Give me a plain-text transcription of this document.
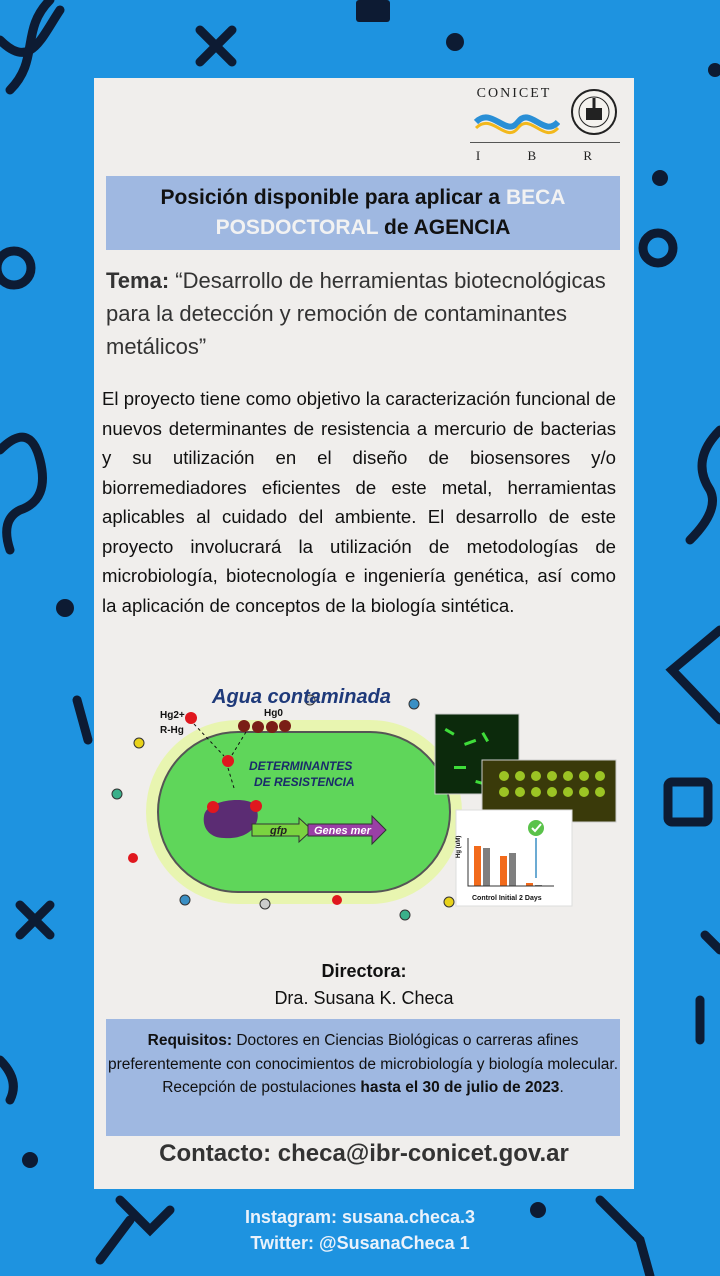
CONICET
I B R
Posición disponible para aplicar a BECA
POSDOCTORAL de AGENCIA
Tema: “Desarrollo de herramientas biotecnológicas para la detección y remoción de contaminantes metálicos”
El proyecto tiene como objetivo la caracterización funcional de nuevos determinantes de resistencia a mercurio de bacterias y su utilización en el diseño de biosensores y/o biorremediadores eficientes de este metal, herramientas aplicables al cuidado del ambiente. El desarrollo de este proyecto involucrará la utilización de metodologías de microbiología, biotecnología e ingeniería genética, así como la aplicación de conceptos de la biología sintética.
gfp Genes mer
DETERMINANTES
DE RESISTENCIA
Hg2+
R-Hg
Hg0
Hg (uM)
Control Initial 2 Days
Agua contaminada
Directora:
Dra. Susana K. Checa
Requisitos: Doctores en Ciencias Biológicas o carreras afines preferentemente con conocimientos de microbiología y biología molecular.
Recepción de postulaciones hasta el 30 de julio de 2023.
Contacto: checa@ibr-conicet.gov.ar
Instagram: susana.checa.3
Twitter: @SusanaCheca 1
